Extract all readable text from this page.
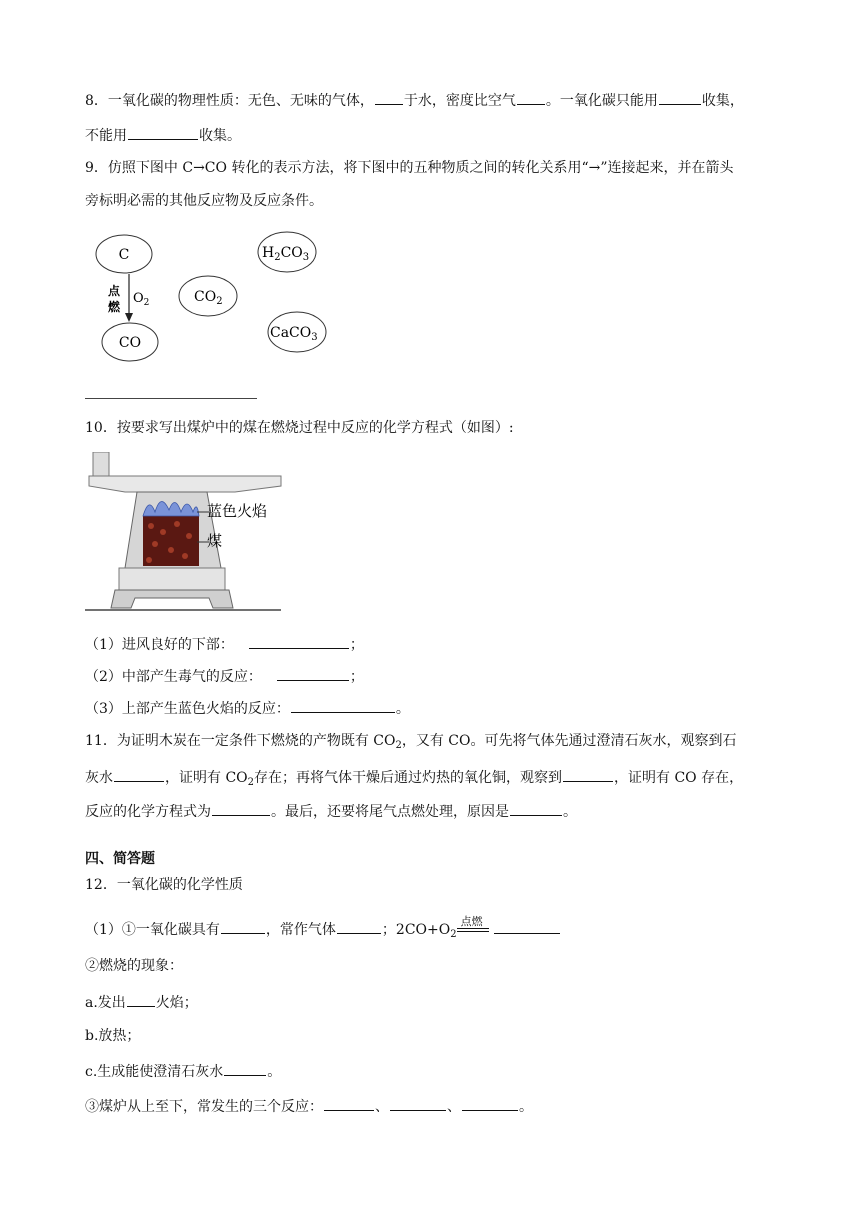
8．一氧化碳的物理性质：无色、无味的气体， 于水，密度比空气 。一氧化碳只能用	收集，
不能用	收集。
9．仿照下图中 C→CO 转化的表示方法，将下图中的五种物质之间的转化关系用“→”连接起来，并在箭头
旁标明必需的其他反应物及反应条件。
C
CO
$CO_2$
$H_2CO_3$
CaCO$_3$
点
燃
$O_2$
10．按要求写出煤炉中的煤在燃烧过程中反应的化学方程式（如图）:
蓝色火焰
煤
（1）进风良好的下部：	；
（2）中部产生毒气的反应：	；
（3）上部产生蓝色火焰的反应：	。
11．为证明木炭在一定条件下燃烧的产物既有 $CO_2$，又有 CO。可先将气体先通过澄清石灰水，观察到石
灰水	，证明有 $CO_2$存在；再将气体干燥后通过灼热的氧化铜，观察到	，证明有 CO 存在，
反应的化学方程式为	。最后，还要将尾气点燃处理，原因是	。
四、简答题
12．一氧化碳的化学性质
（1）①一氧化碳具有	，常作气体	；$2CO+O_2$
点燃
②燃烧的现象：
a.发出 火焰；
b.放热；
c.生成能使澄清石灰水	。
③煤炉从上至下，常发生的三个反应：	、	、	。
